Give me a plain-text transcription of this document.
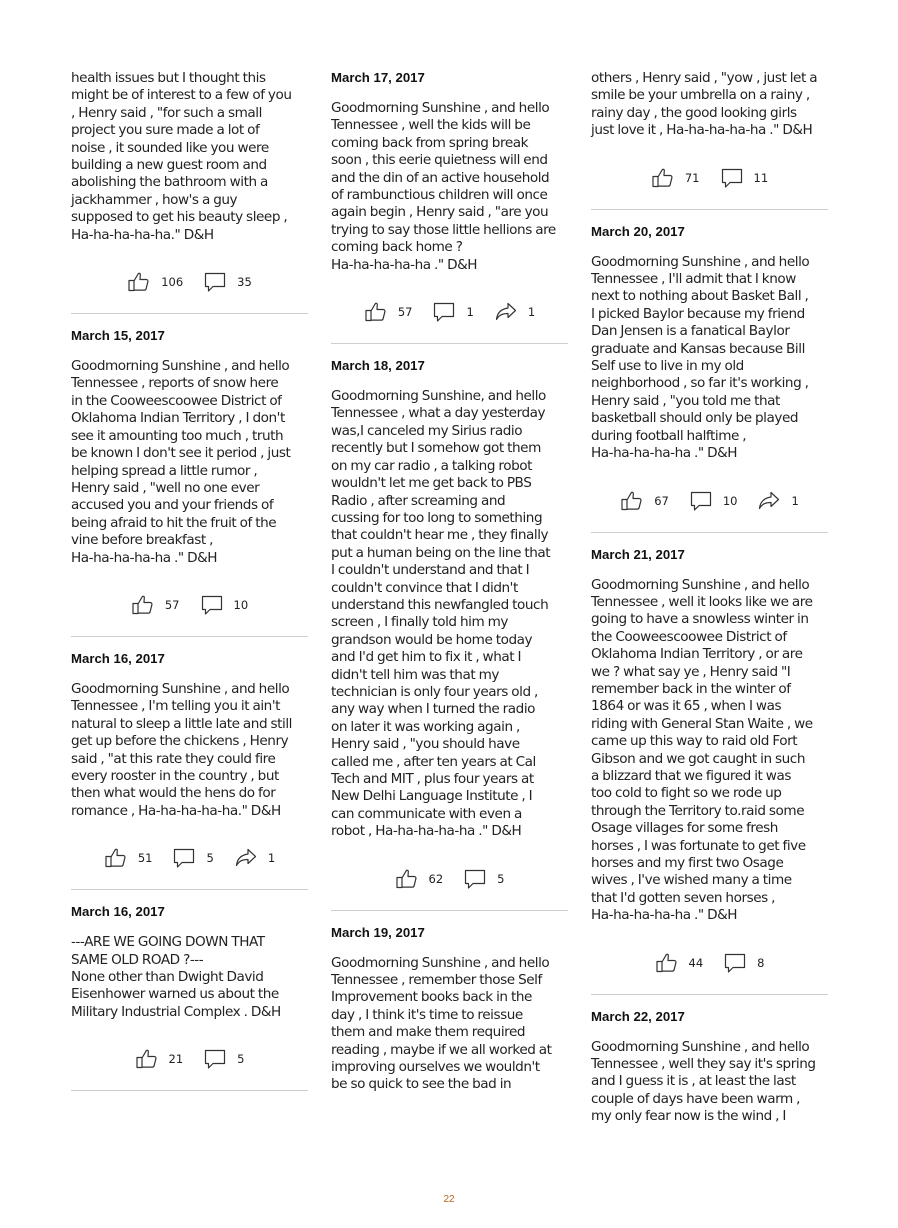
health issues but I thought this
might be of interest to a few of you
, Henry said , "for such a small
project you sure made a lot of
noise , it sounded like you were
building a new guest room and
abolishing the bathroom with a
jackhammer , how's a guy
supposed to get his beauty sleep ,
Ha-ha-ha-ha-ha." D&H

106	35
March 15, 2017

Goodmorning Sunshine , and hello
Tennessee , reports of snow here
in the Cooweescoowee District of
Oklahoma Indian Territory , I don't
see it amounting too much , truth
be known I don't see it period , just
helping spread a little rumor ,
Henry said , "well no one ever
accused you and your friends of
being afraid to hit the fruit of the
vine before breakfast ,
Ha-ha-ha-ha-ha ." D&H

57	10
March 16, 2017

Goodmorning Sunshine , and hello
Tennessee , I'm telling you it ain't
natural to sleep a little late and still
get up before the chickens , Henry
said , "at this rate they could fire
every rooster in the country , but
then what would the hens do for
romance , Ha-ha-ha-ha-ha." D&H

51	5	1
March 16, 2017

---ARE WE GOING DOWN THAT
SAME OLD ROAD ?---
None other than Dwight David
Eisenhower warned us about the
Military Industrial Complex . D&H

21	5
March 17, 2017

Goodmorning Sunshine , and hello
Tennessee , well the kids will be
coming back from spring break
soon , this eerie quietness will end
and the din of an active household
of rambunctious children will once
again begin , Henry said , "are you
trying to say those little hellions are
coming back home ?
Ha-ha-ha-ha-ha ." D&H

57	1	1
March 18, 2017

Goodmorning Sunshine, and hello
Tennessee , what a day yesterday
was,I canceled my Sirius radio
recently but I somehow got them
on my car radio , a talking robot
wouldn't let me get back to PBS
Radio , after screaming and
cussing for too long to something
that couldn't hear me , they finally
put a human being on the line that
I couldn't understand and that I
couldn't convince that I didn't
understand this newfangled touch
screen , I finally told him my
grandson would be home today
and I'd get him to fix it , what I
didn't tell him was that my
technician is only four years old ,
any way when I turned the radio
on later it was working again ,
Henry said , "you should have
called me , after ten years at Cal
Tech and MIT , plus four years at
New Delhi Language Institute , I
can communicate with even a
robot , Ha-ha-ha-ha-ha ." D&H

62	5
March 19, 2017

Goodmorning Sunshine , and hello
Tennessee , remember those Self
Improvement books back in the
day , I think it's time to reissue
them and make them required
reading , maybe if we all worked at
improving ourselves we wouldn't
be so quick to see the bad in

others , Henry said , "yow , just let a
smile be your umbrella on a rainy ,
rainy day , the good looking girls
just love it , Ha-ha-ha-ha-ha ." D&H

71	11
March 20, 2017

Goodmorning Sunshine , and hello
Tennessee , I'll admit that I know
next to nothing about Basket Ball ,
I picked Baylor because my friend
Dan Jensen is a fanatical Baylor
graduate and Kansas because Bill
Self use to live in my old
neighborhood , so far it's working ,
Henry said , "you told me that
basketball should only be played
during football halftime ,
Ha-ha-ha-ha-ha ." D&H

67	10	1
March 21, 2017

Goodmorning Sunshine , and hello
Tennessee , well it looks like we are
going to have a snowless winter in
the Cooweescoowee District of
Oklahoma Indian Territory , or are
we ? what say ye , Henry said "I
remember back in the winter of
1864 or was it 65 , when I was
riding with General Stan Waite , we
came up this way to raid old Fort
Gibson and we got caught in such
a blizzard that we figured it was
too cold to fight so we rode up
through the Territory to.raid some
Osage villages for some fresh
horses , I was fortunate to get five
horses and my first two Osage
wives , I've wished many a time
that I'd gotten seven horses ,
Ha-ha-ha-ha-ha ." D&H

44	8
March 22, 2017

Goodmorning Sunshine , and hello
Tennessee , well they say it's spring
and I guess it is , at least the last
couple of days have been warm ,
my only fear now is the wind , I

22
